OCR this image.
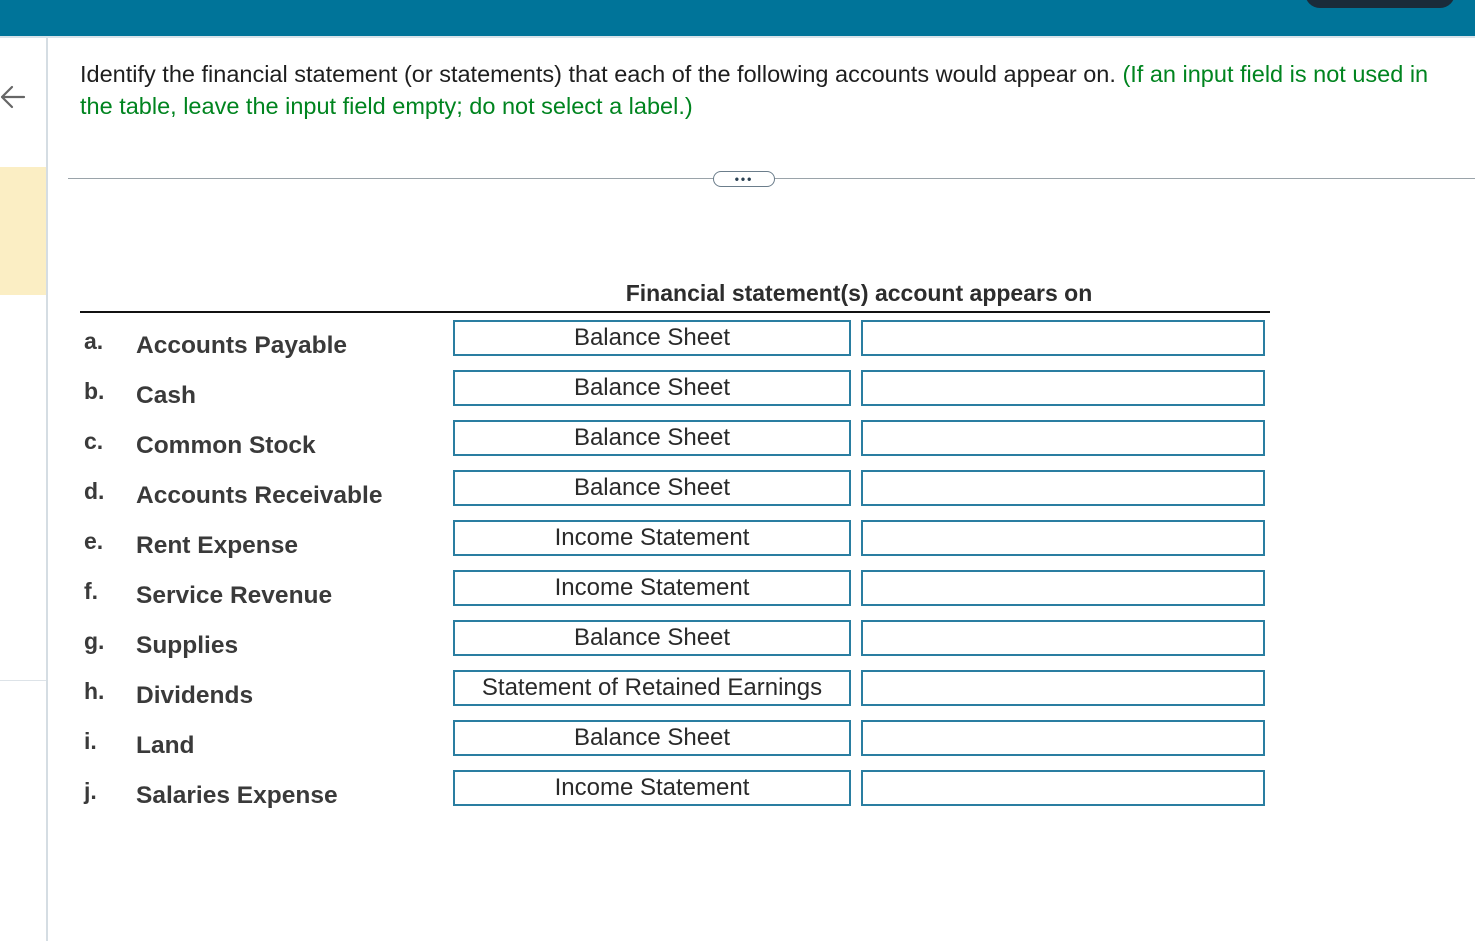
Identify the financial statement (or statements) that each of the following accounts would appear on. (If an input field is not used in the table, leave the input field empty; do not select a label.)
•••
Financial statement(s) account appears on
a. Accounts Payable	Balance Sheet
b. Cash	Balance Sheet
c. Common Stock	Balance Sheet
d. Accounts Receivable	Balance Sheet
e. Rent Expense	Income Statement
f. Service Revenue	Income Statement
g. Supplies	Balance Sheet
h. Dividends	Statement of Retained Earnings
i. Land	Balance Sheet
j. Salaries Expense	Income Statement
